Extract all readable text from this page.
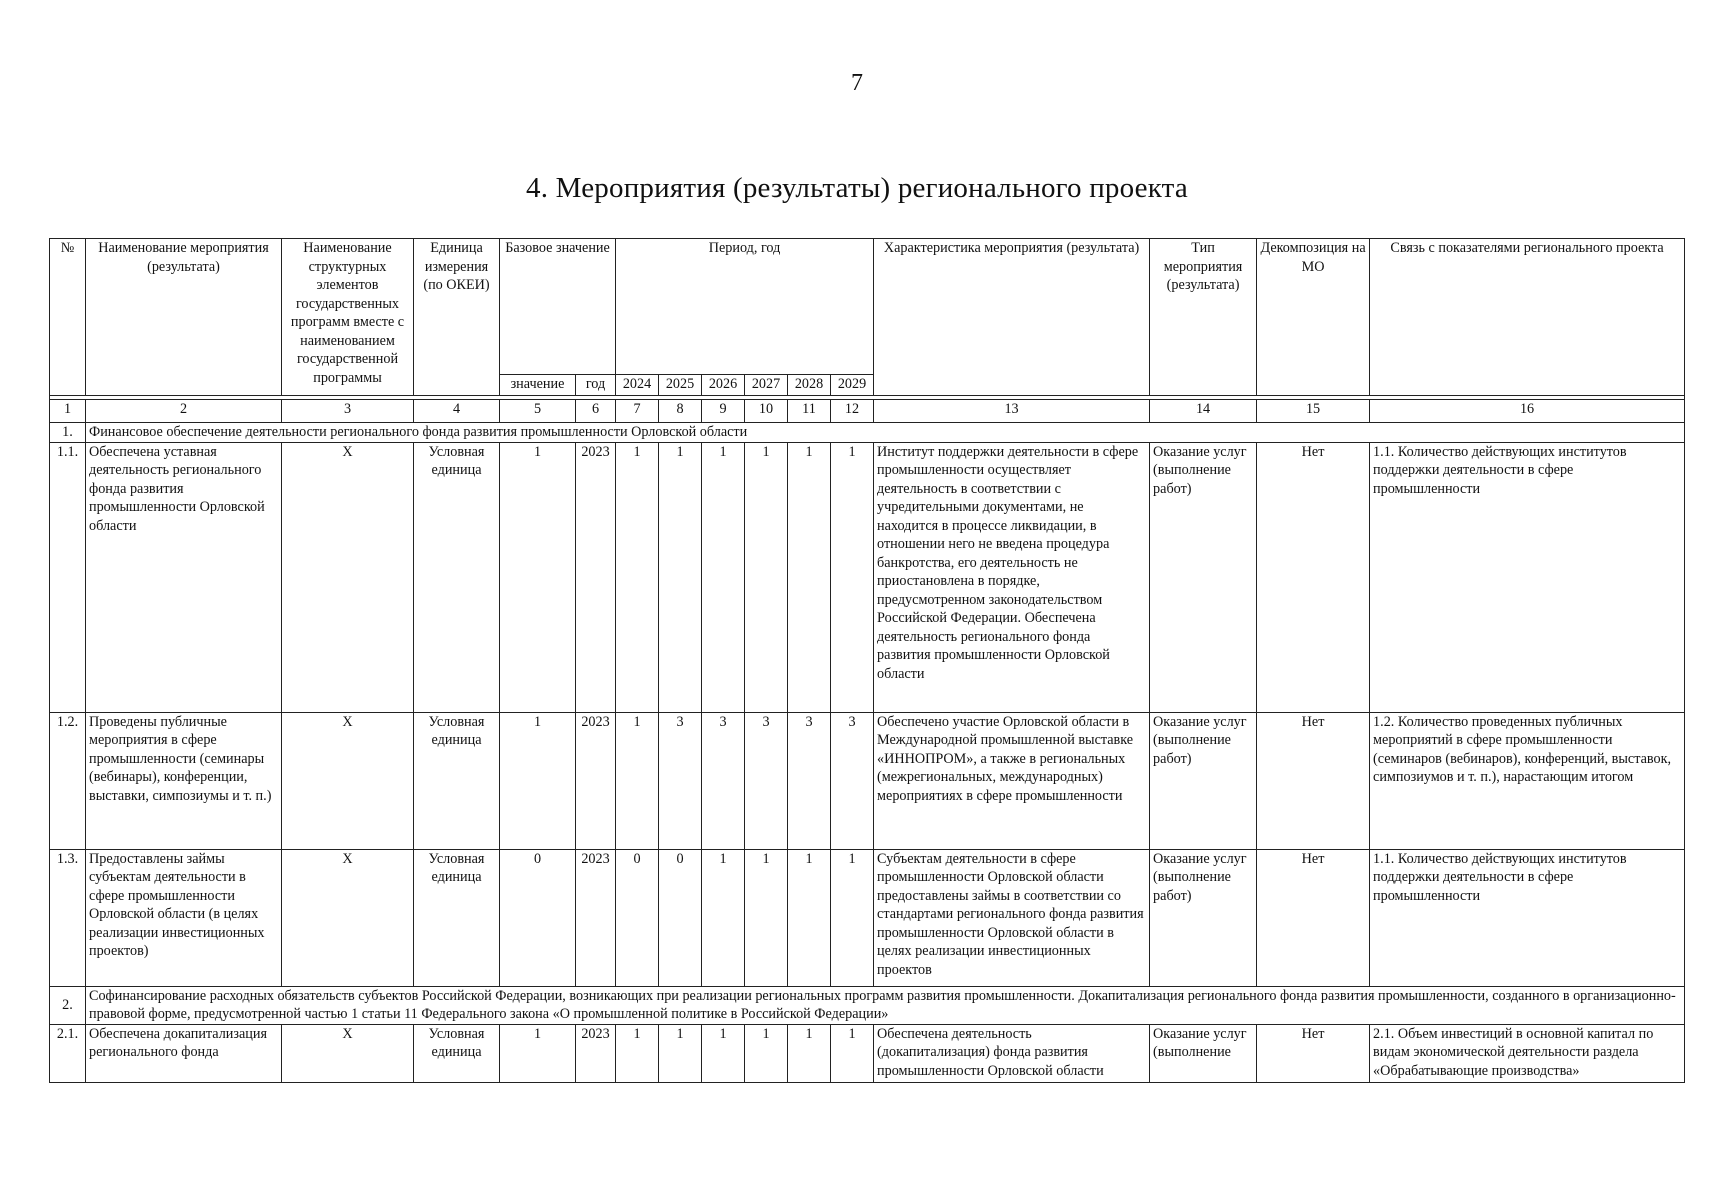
7
4. Мероприятия (результаты) регионального проекта
№	Наименование мероприятия (результата)	Наименование структурных элементов государственных программ вместе с наименованием государственной программы	Единица измерения (по ОКЕИ)	Базовое значение		Период, год						Характеристика мероприятия (результата)	Тип мероприятия (результата)	Декомпозиция на МО	Связь с показателями регионального проекта
				значение	год	2024	2025	2026	2027	2028	2029				

1	2	3	4	5	6	7	8	9	10	11	12	13	14	15	16
1.	Финансовое обеспечение деятельности регионального фонда развития промышленности Орловской области														
1.1.	Обеспечена уставная деятельность регионального фонда развития промышленности Орловской области	Х	Условная единица	1	2023	1	1	1	1	1	1	Институт поддержки деятельности в сфере промышленности осуществляет деятельность в соответствии с учредительными документами, не находится в процессе ликвидации, в отношении него не введена процедура банкротства, его деятельность не приостановлена в порядке, предусмотренном законодательством Российской Федерации. Обеспечена деятельность регионального фонда развития промышленности Орловской области	Оказание услуг (выполнение работ)	Нет	1.1. Количество действующих институтов поддержки деятельности в сфере промышленности
1.2.	Проведены публичные мероприятия в сфере промышленности (семинары (вебинары), конференции, выставки, симпозиумы и т. п.)	Х	Условная единица	1	2023	1	3	3	3	3	3	Обеспечено участие Орловской области в Международной промышленной выставке «ИННОПРОМ», а также в региональных (межрегиональных, международных) мероприятиях в сфере промышленности	Оказание услуг (выполнение работ)	Нет	1.2. Количество проведенных публичных мероприятий в сфере промышленности (семинаров (вебинаров), конференций, выставок, симпозиумов и т. п.), нарастающим итогом
1.3.	Предоставлены займы субъектам деятельности в сфере промышленности Орловской области (в целях реализации инвестиционных проектов)	Х	Условная единица	0	2023	0	0	1	1	1	1	Субъектам деятельности в сфере промышленности Орловской области предоставлены займы в соответствии со стандартами регионального фонда развития промышленности Орловской области в целях реализации инвестиционных проектов	Оказание услуг (выполнение работ)	Нет	1.1. Количество действующих институтов поддержки деятельности в сфере промышленности
2.	Софинансирование расходных обязательств субъектов Российской Федерации, возникающих при реализации региональных программ развития промышленности. Докапитализация регионального фонда развития промышленности, созданного в организационно-правовой форме, предусмотренной частью 1 статьи 11 Федерального закона «О промышленной политике в Российской Федерации»														
2.1.	Обеспечена докапитализация регионального фонда	Х	Условная единица	1	2023	1	1	1	1	1	1	Обеспечена деятельность (докапитализация) фонда развития промышленности Орловской области	Оказание услуг (выполнение	Нет	2.1. Объем инвестиций в основной капитал по видам экономической деятельности раздела «Обрабатывающие производства»
